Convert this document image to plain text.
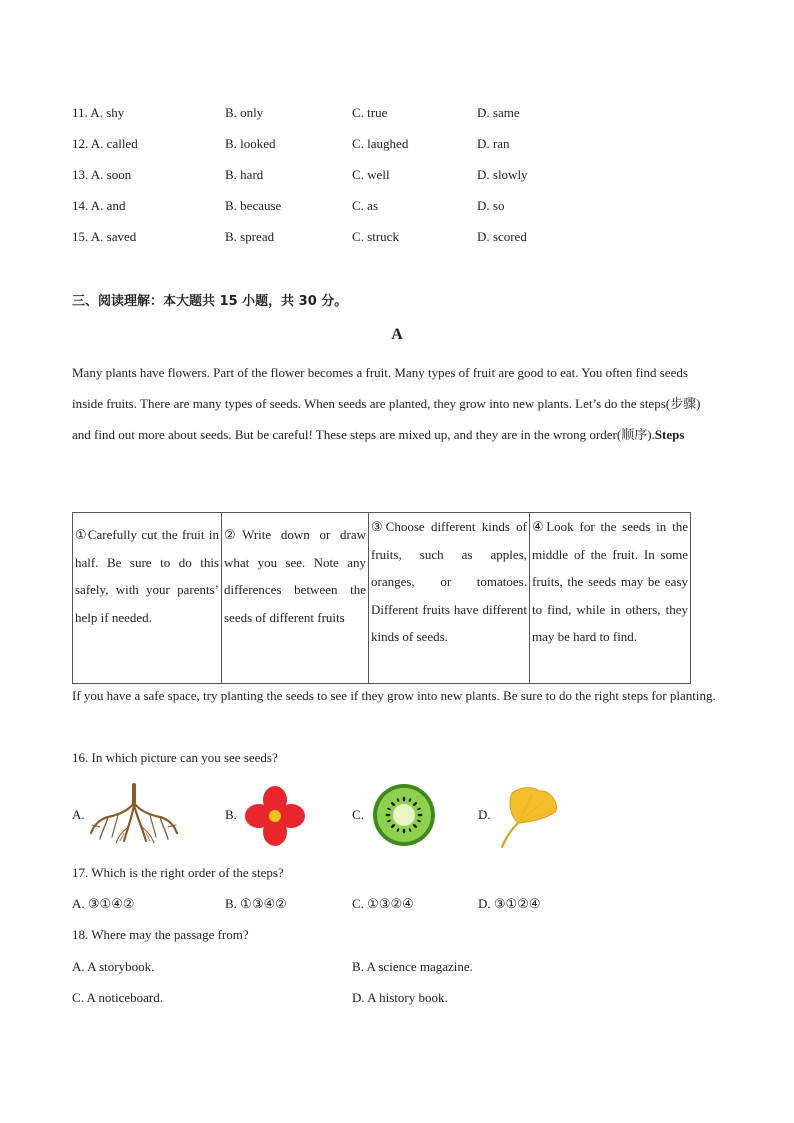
11. A. shy	B. only	C. true	D. same
12. A. called	B. looked	C. laughed	D. ran
13. A. soon	B. hard	C. well	D. slowly
14. A. and	B. because	C. as	D. so
15. A. saved	B. spread	C. struck	D. scored
三、阅读理解：本大题共 15 小题，共 30 分。
A
Many plants have flowers. Part of the flower becomes a fruit. Many types of fruit are good to eat. You often find seeds inside fruits. There are many types of seeds. When seeds are planted, they grow into new plants. Let’s do the steps(步骤) and find out more about seeds. But be careful! These steps are mixed up, and they are in the wrong order(顺序).Steps
①Carefully cut the fruit in half. Be sure to do this safely, with your parents’ help if needed.	②Write down or draw what you see. Note any differences between the seeds of different fruits	③Choose different kinds of fruits, such as apples, oranges, or tomatoes. Different fruits have different kinds of seeds.	④Look for the seeds in the middle of the fruit. In some fruits, the seeds may be easy to find, while in others, they may be hard to find.
If you have a safe space, try planting the seeds to see if they grow into new plants. Be sure to do the right steps for planting.
16. In which picture can you see seeds?
A.	B.	C.	D.
17. Which is the right order of the steps?
A. ③①④②	B. ①③④②	C. ①③②④	D. ③①②④
18. Where may the passage from?
A. A storybook.	B. A science magazine.
C. A noticeboard.	D. A history book.
